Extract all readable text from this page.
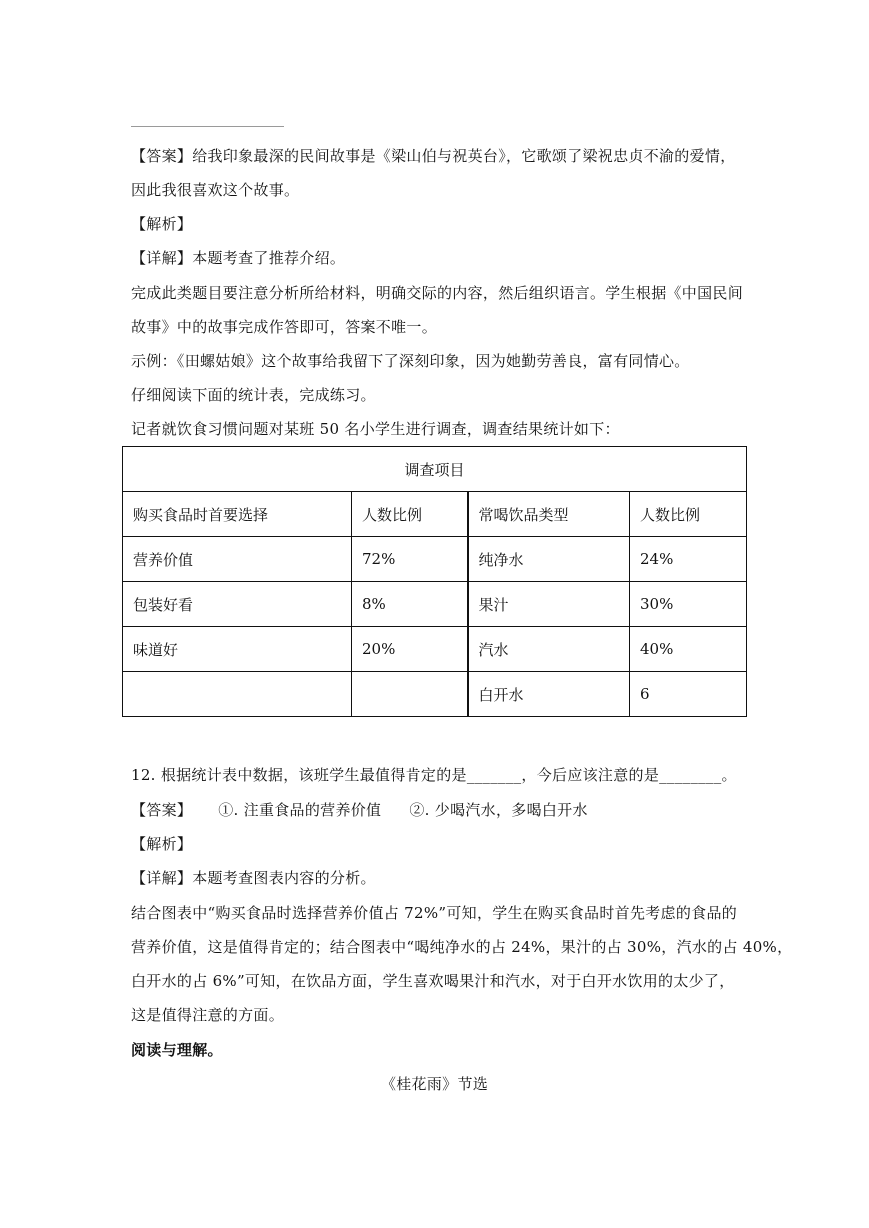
【答案】给我印象最深的民间故事是《梁山伯与祝英台》，它歌颂了梁祝忠贞不渝的爱情，
因此我很喜欢这个故事。
【解析】
【详解】本题考查了推荐介绍。
完成此类题目要注意分析所给材料，明确交际的内容，然后组织语言。学生根据《中国民间
故事》中的故事完成作答即可，答案不唯一。
示例：《田螺姑娘》这个故事给我留下了深刻印象，因为她勤劳善良，富有同情心。
仔细阅读下面的统计表，完成练习。
记者就饮食习惯问题对某班 50 名小学生进行调查，调查结果统计如下：
调查项目			
购买食品时首要选择	人数比例	常喝饮品类型	人数比例
营养价值	72%	纯净水	24%
包装好看	8%	果汁	30%
味道好	20%	汽水	40%
		白开水	6
12. 根据统计表中数据，该班学生最值得肯定的是_______，今后应该注意的是________。
【答案】 ①. 注重食品的营养价值 ②. 少喝汽水，多喝白开水
【解析】
【详解】本题考查图表内容的分析。
结合图表中“购买食品时选择营养价值占 72%”可知，学生在购买食品时首先考虑的食品的
营养价值，这是值得肯定的；结合图表中“喝纯净水的占 24%，果汁的占 30%，汽水的占 40%，
白开水的占 6%”可知，在饮品方面，学生喜欢喝果汁和汽水，对于白开水饮用的太少了，
这是值得注意的方面。
阅读与理解。
《桂花雨》节选
